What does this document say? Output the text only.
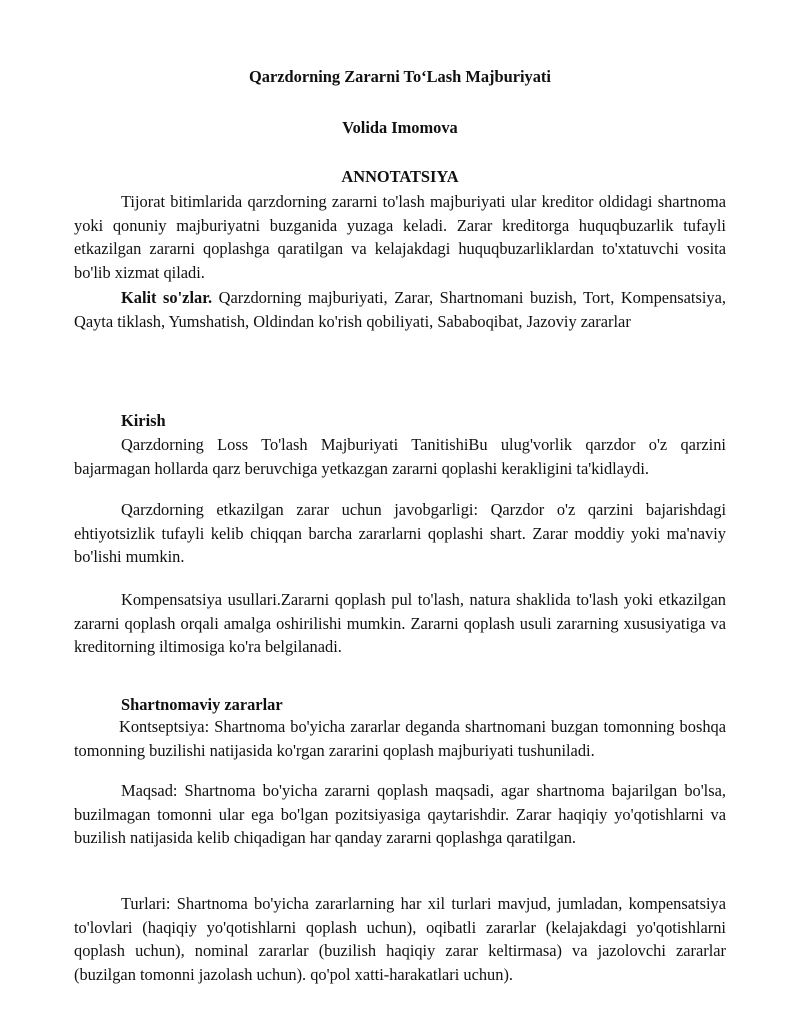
Qarzdorning Zararni To‘Lash Majburiyati
Volida Imomova
ANNOTATSIYA

Tijorat bitimlarida qarzdorning zararni to'lash majburiyati ular kreditor oldidagi shartnoma yoki qonuniy majburiyatni buzganida yuzaga keladi. Zarar kreditorga huquqbuzarlik tufayli etkazilgan zararni qoplashga qaratilgan va kelajakdagi huquqbuzarliklardan to'xtatuvchi vosita bo'lib xizmat qiladi.

Kalit so'zlar. Qarzdorning majburiyati, Zarar, Shartnomani buzish, Tort, Kompensatsiya, Qayta tiklash, Yumshatish, Oldindan ko'rish qobiliyati, Sababoqibat, Jazoviy zararlar

Kirish

Qarzdorning Loss To'lash Majburiyati TanitishiBu ulug'vorlik qarzdor o'z qarzini bajarmagan hollarda qarz beruvchiga yetkazgan zararni qoplashi kerakligini ta'kidlaydi.

Qarzdorning etkazilgan zarar uchun javobgarligi: Qarzdor o'z qarzini bajarishdagi ehtiyotsizlik tufayli kelib chiqqan barcha zararlarni qoplashi shart. Zarar moddiy yoki ma'naviy bo'lishi mumkin.

Kompensatsiya usullari.Zararni qoplash pul to'lash, natura shaklida to'lash yoki etkazilgan zararni qoplash orqali amalga oshirilishi mumkin. Zararni qoplash usuli zararning xususiyatiga va kreditorning iltimosiga ko'ra belgilanadi.

Shartnomaviy zararlar

Kontseptsiya: Shartnoma bo'yicha zararlar deganda shartnomani buzgan tomonning boshqa tomonning buzilishi natijasida ko'rgan zararini qoplash majburiyati tushuniladi.

Maqsad: Shartnoma bo'yicha zararni qoplash maqsadi, agar shartnoma bajarilgan bo'lsa, buzilmagan tomonni ular ega bo'lgan pozitsiyasiga qaytarishdir. Zarar haqiqiy yo'qotishlarni va buzilish natijasida kelib chiqadigan har qanday zararni qoplashga qaratilgan.

Turlari: Shartnoma bo'yicha zararlarning har xil turlari mavjud, jumladan, kompensatsiya to'lovlari (haqiqiy yo'qotishlarni qoplash uchun), oqibatli zararlar (kelajakdagi yo'qotishlarni qoplash uchun), nominal zararlar (buzilish haqiqiy zarar keltirmasa) va jazolovchi zararlar (buzilgan tomonni jazolash uchun). qo'pol xatti-harakatlari uchun).
